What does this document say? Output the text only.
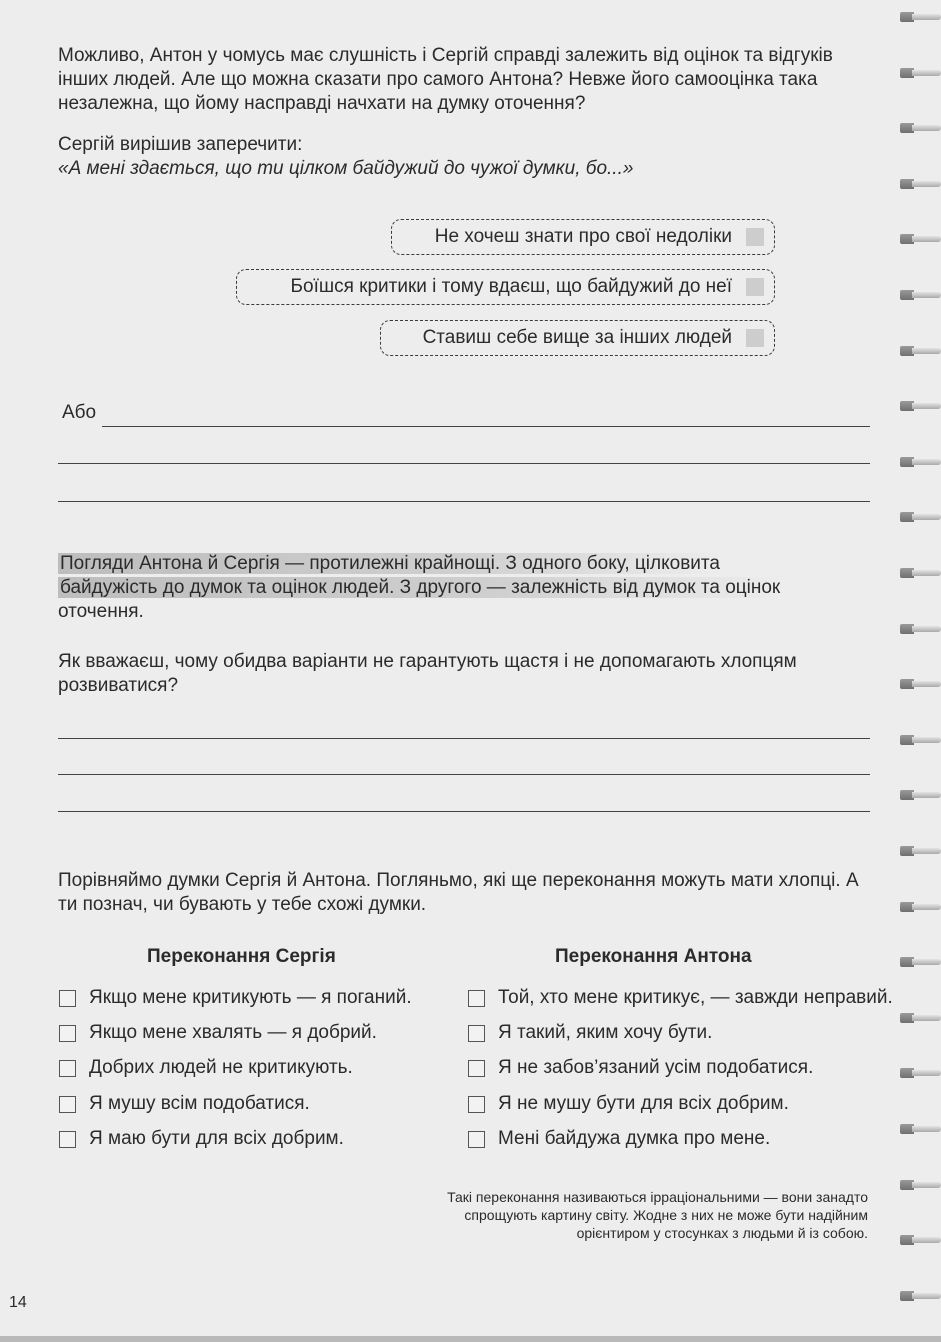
Можливо, Антон у чомусь має слушність і Сергій справді залежить від оцінок та відгуків інших людей. Але що можна сказати про самого Антона? Невже його самооцінка така незалежна, що йому насправді начхати на думку оточення?

Сергій вирішив заперечити:
«А мені здається, що ти цілком байдужий до чужої думки, бо...»

Не хочеш знати про свої недоліки
Боїшся критики і тому вдаєш, що байдужий до неї
Ставиш себе вище за інших людей
Або

Погляди Антона й Сергія — протилежні крайнощі. З одного боку, цілковита
байдужість до думок та оцінок людей. З другого — залежність від думок та оцінок
оточення.

Як вважаєш, чому обидва варіанти не гарантують щастя і не допомагають хлопцям розвиватися?

Порівняймо думки Сергія й Антона. Погляньмо, які ще переконання можуть мати хлопці. А ти познач, чи бувають у тебе схожі думки.

Переконання Сергія	Переконання Антона
Якщо мене критикують — я поганий.
Якщо мене хвалять — я добрий.
Добрих людей не критикують.
Я мушу всім подобатися.
Я маю бути для всіх добрим.
Той, хто мене критикує, — завжди неправий.
Я такий, яким хочу бути.
Я не забов’язаний усім подобатися.
Я не мушу бути для всіх добрим.
Мені байдужа думка про мене.
Такі переконання називаються ірраціональними — вони занадто
спрощують картину світу. Жодне з них не може бути надійним
орієнтиром у стосунках з людьми й із собою.
14
